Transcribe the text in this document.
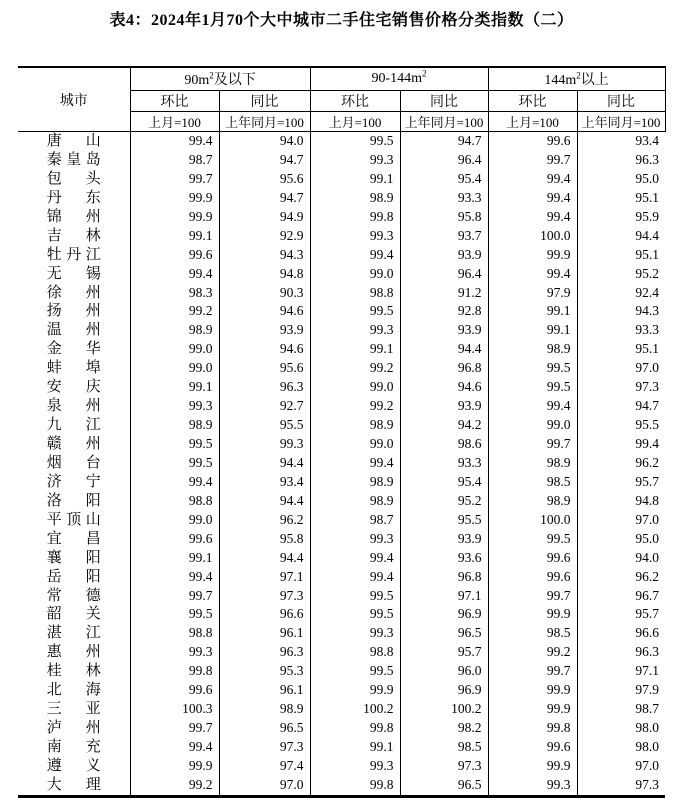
表4：2024年1月70个大中城市二手住宅销售价格分类指数（二）
城市	$90m^2$及以下		$90-144m^2$		$144m^2$以上	
	环比	同比	环比	同比	环比	同比
	上月=100	上年同月=100	上月=100	上年同月=100	上月=100	上年同月=100
唐山	99.4	94.0	99.5	94.7	99.6	93.4
秦皇岛	98.7	94.7	99.3	96.4	99.7	96.3
包头	99.7	95.6	99.1	95.4	99.4	95.0
丹东	99.9	94.7	98.9	93.3	99.4	95.1
锦州	99.9	94.9	99.8	95.8	99.4	95.9
吉林	99.1	92.9	99.3	93.7	100.0	94.4
牡丹江	99.6	94.3	99.4	93.9	99.9	95.1
无锡	99.4	94.8	99.0	96.4	99.4	95.2
徐州	98.3	90.3	98.8	91.2	97.9	92.4
扬州	99.2	94.6	99.5	92.8	99.1	94.3
温州	98.9	93.9	99.3	93.9	99.1	93.3
金华	99.0	94.6	99.1	94.4	98.9	95.1
蚌埠	99.0	95.6	99.2	96.8	99.5	97.0
安庆	99.1	96.3	99.0	94.6	99.5	97.3
泉州	99.3	92.7	99.2	93.9	99.4	94.7
九江	98.9	95.5	98.9	94.2	99.0	95.5
赣州	99.5	99.3	99.0	98.6	99.7	99.4
烟台	99.5	94.4	99.4	93.3	98.9	96.2
济宁	99.4	93.4	98.9	95.4	98.5	95.7
洛阳	98.8	94.4	98.9	95.2	98.9	94.8
平顶山	99.0	96.2	98.7	95.5	100.0	97.0
宜昌	99.6	95.8	99.3	93.9	99.5	95.0
襄阳	99.1	94.4	99.4	93.6	99.6	94.0
岳阳	99.4	97.1	99.4	96.8	99.6	96.2
常德	99.7	97.3	99.5	97.1	99.7	96.7
韶关	99.5	96.6	99.5	96.9	99.9	95.7
湛江	98.8	96.1	99.3	96.5	98.5	96.6
惠州	99.3	96.3	98.8	95.7	99.2	96.3
桂林	99.8	95.3	99.5	96.0	99.7	97.1
北海	99.6	96.1	99.9	96.9	99.9	97.9
三亚	100.3	98.9	100.2	100.2	99.9	98.7
泸州	99.7	96.5	99.8	98.2	99.8	98.0
南充	99.4	97.3	99.1	98.5	99.6	98.0
遵义	99.9	97.4	99.3	97.3	99.9	97.0
大理	99.2	97.0	99.8	96.5	99.3	97.3
